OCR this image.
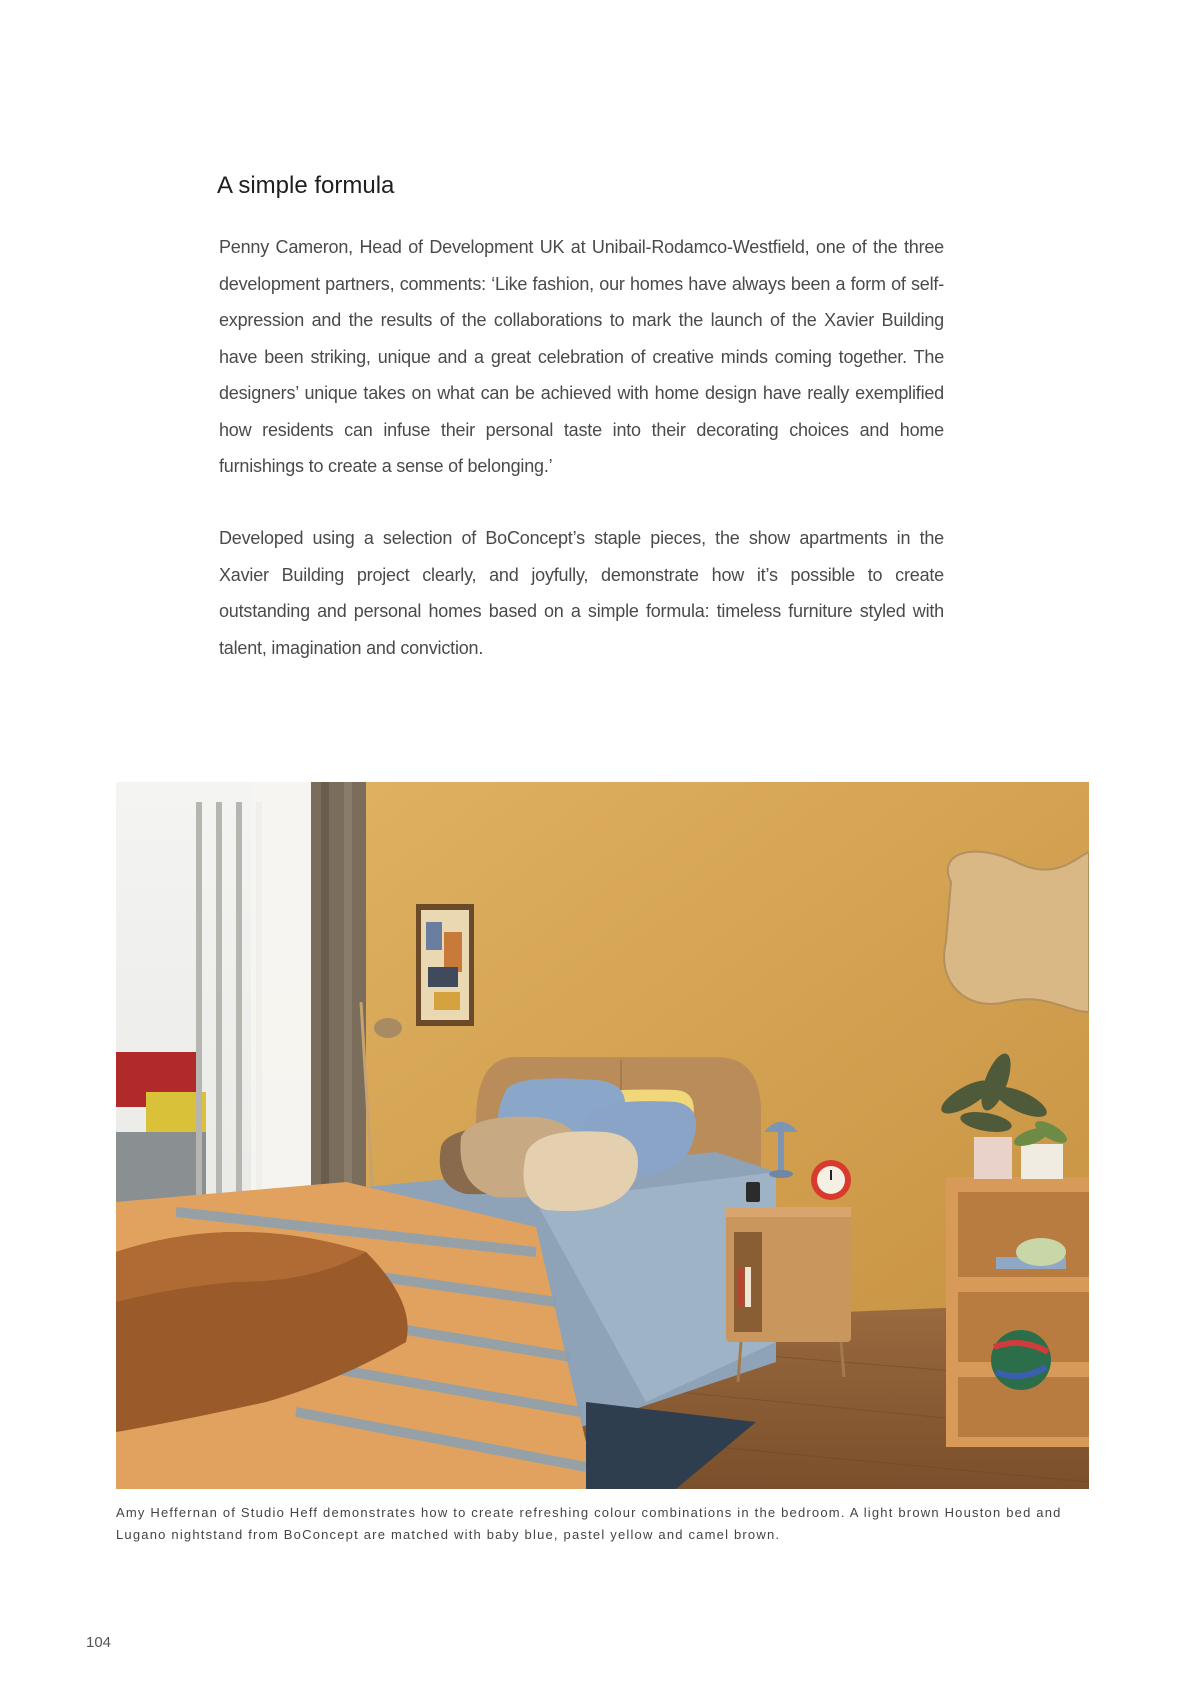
A simple formula

Penny Cameron, Head of Development UK at Unibail-Rodamco-Westfield, one of the three development partners, comments: ‘Like fashion, our homes have always been a form of self-expression and the results of the collaborations to mark the launch of the Xavier Building have been striking, unique and a great celebration of creative minds coming together. The designers’ unique takes on what can be achieved with home design have really exemplified how residents can infuse their personal taste into their decorating choices and home furnishings to create a sense of belonging.’

Developed using a selection of BoConcept’s staple pieces, the show apartments in the Xavier Building project clearly, and joyfully, demonstrate how it’s possible to create outstanding and personal homes based on a simple formula: timeless furniture styled with talent, imagination and conviction.

Amy Heffernan of Studio Heff demonstrates how to create refreshing colour combinations in the bedroom. A light brown Houston bed and Lugano nightstand from BoConcept are matched with baby blue, pastel yellow and camel brown.

104
